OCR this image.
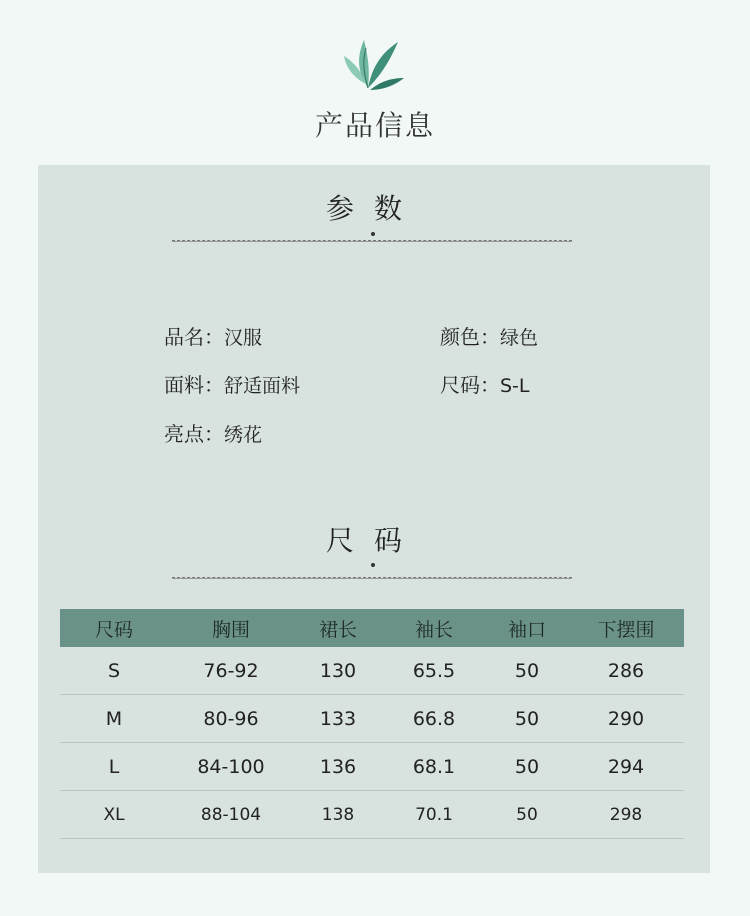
产品信息
参数
品名：汉服	颜色：绿色
面料：舒适面料	尺码：S-L
亮点：绣花
尺码
尺码	胸围	裙长	袖长	袖口	下摆围
S	76-92	130	65.5	50	286
M	80-96	133	66.8	50	290
L	84-100	136	68.1	50	294
XL	88-104	138	70.1	50	298
